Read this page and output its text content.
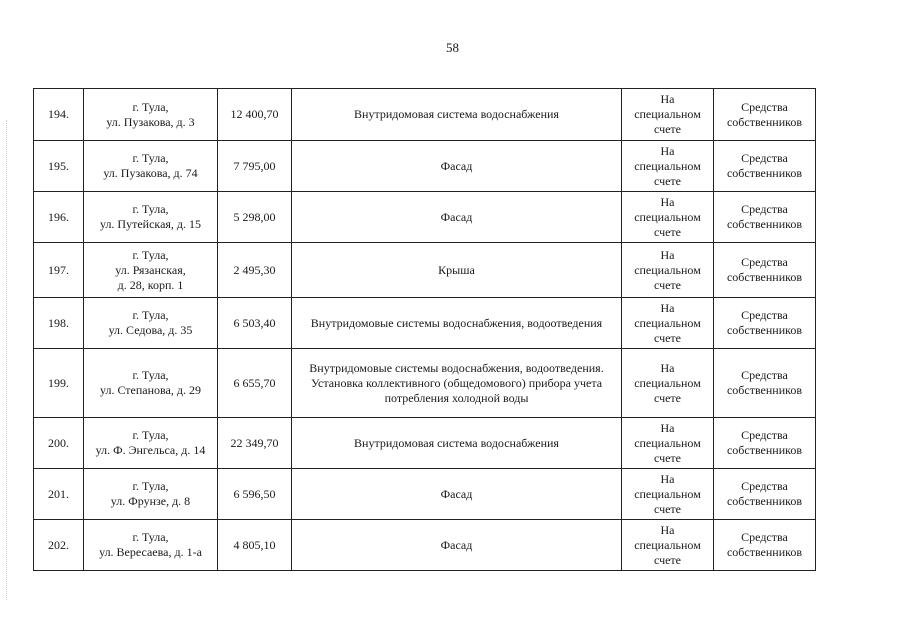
58
194.	г. Тула,
ул. Пузакова, д. 3	12 400,70	Внутридомовая система водоснабжения	На
специальном
счете	Средства
собственников

195.	г. Тула,
ул. Пузакова, д. 74	7 795,00	Фасад	На
специальном
счете	Средства
собственников

196.	г. Тула,
ул. Путейская, д. 15	5 298,00	Фасад	На
специальном
счете	Средства
собственников

197.	г. Тула,
ул. Рязанская,
д. 28, корп. 1	2 495,30	Крыша	На
специальном
счете	Средства
собственников

198.	г. Тула,
ул. Седова, д. 35	6 503,40	Внутридомовые системы водоснабжения, водоотведения	На
специальном
счете	Средства
собственников

199.	г. Тула,
ул. Степанова, д. 29	6 655,70	Внутридомовые системы водоснабжения, водоотведения. Установка коллективного (общедомового) прибора учета потребления холодной воды	На
специальном
счете	Средства
собственников

200.	г. Тула,
ул. Ф. Энгельса, д. 14	22 349,70	Внутридомовая система водоснабжения	На
специальном
счете	Средства
собственников

201.	г. Тула,
ул. Фрунзе, д. 8	6 596,50	Фасад	На
специальном
счете	Средства
собственников

202.	г. Тула,
ул. Вересаева, д. 1-а	4 805,10	Фасад	На
специальном
счете	Средства
собственников
